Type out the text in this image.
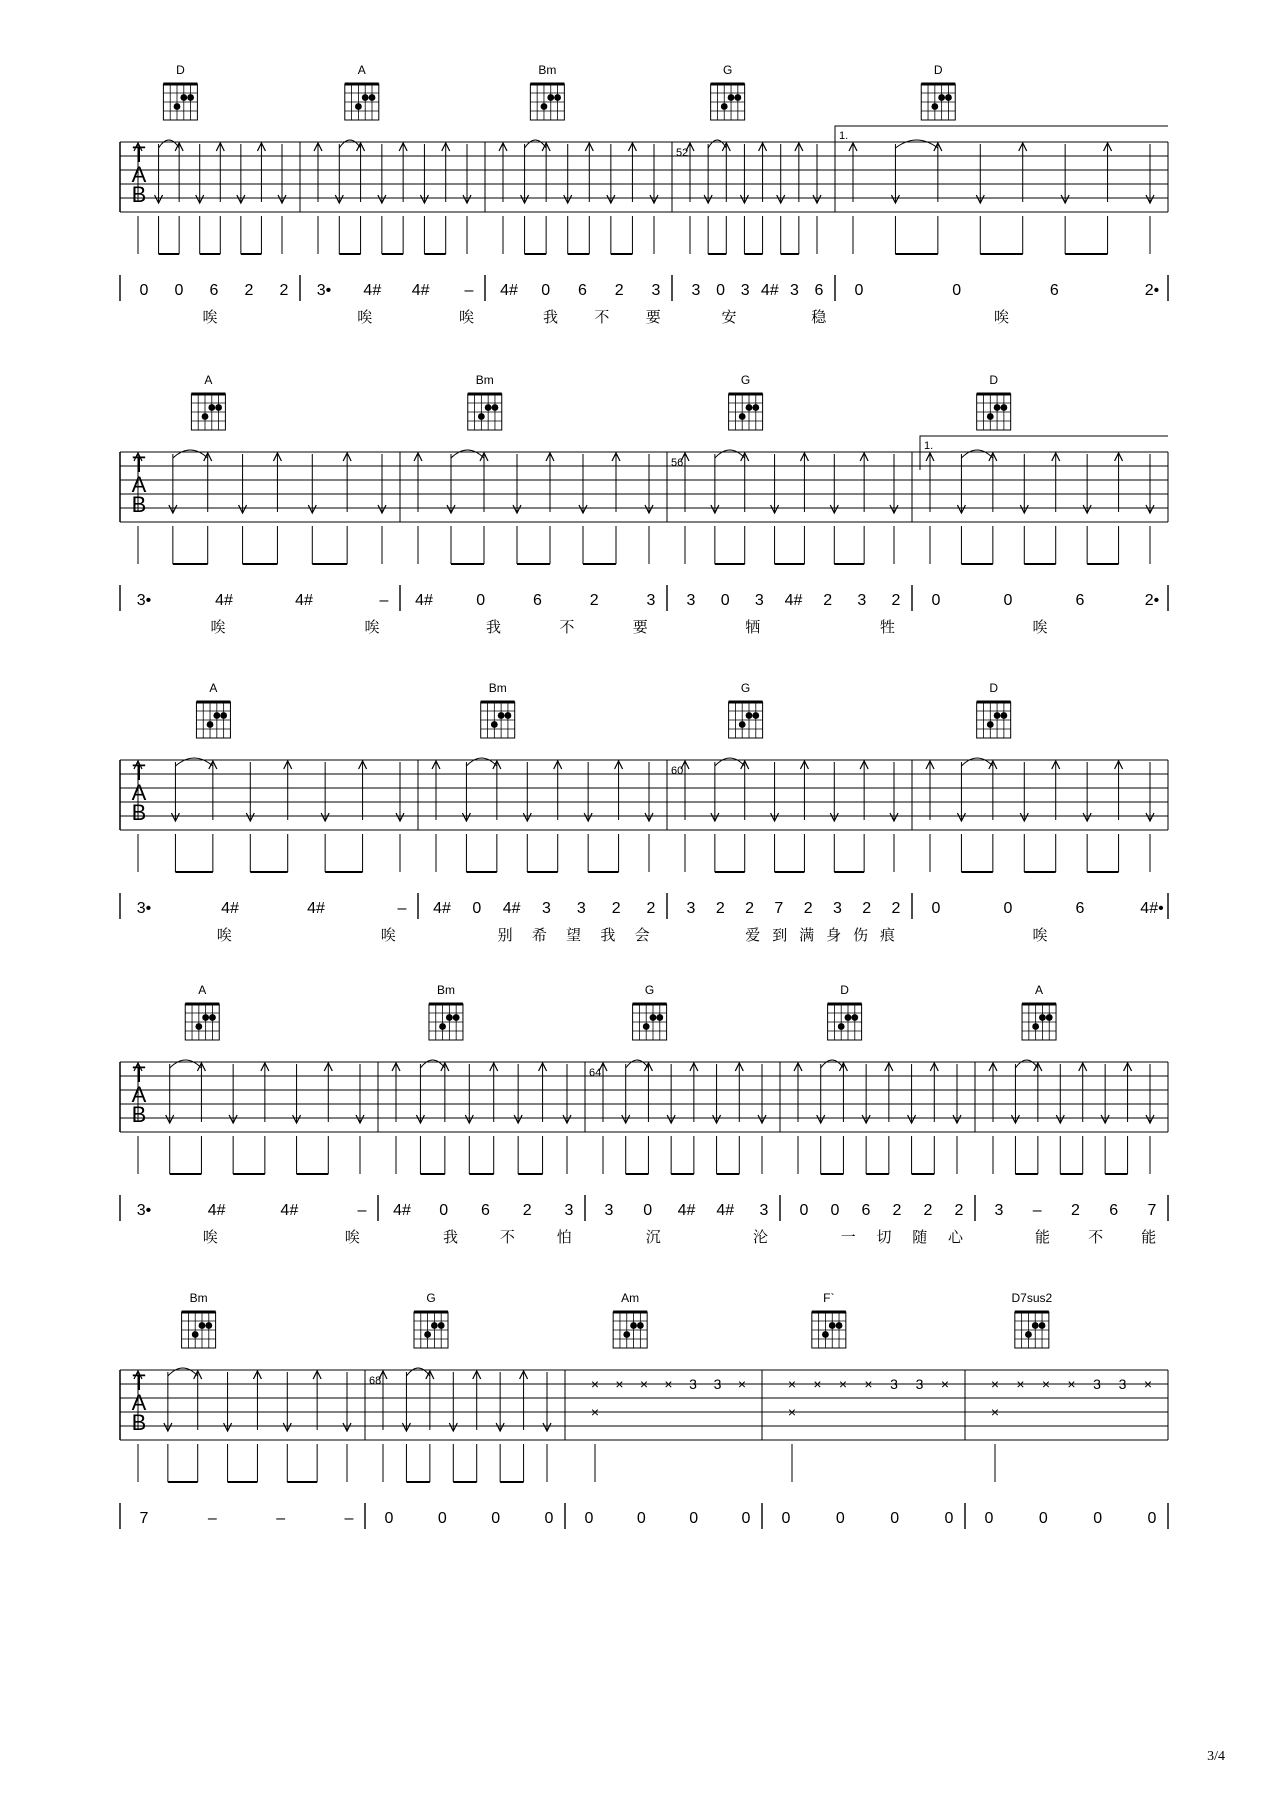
T
A
B
52
1.
D
0 0 6 2 2
唉
A
3• 4# 4# –
唉	唉
Bm
4# 0 6 2 3
我 不 要
G
3 0 3 4# 3 6
安	稳
D
0	0	6	2•
唉
T
A
B
56
1.
A
3•	4#	4#	–
唉	唉
Bm
4#	0	6	2	3
我	不	要
G
3 0 3 4# 2 3 2
牺	牲
D
0	0	6	2•
唉
T
A
B
60
A
3•	4#	4#	–
唉	唉
Bm
4# 0 4# 3 3 2 2
别 希 望 我 会
G
3 2 2 7 2 3 2 2
爱 到 满 身 伤 痕
D
0	0	6	4#•
唉
T
A
B
64
A
3•	4#	4#	–
唉	唉
Bm
4# 0 6 2 3
我	不	怕
G
3 0 4# 4# 3
沉	沦
D
0 0 6 2 2 2
一 切 随 心
A
3 – 2 6 7
能	不	能
T
A
B
68
Bm
7	–	–	–
G
0	0	0	0
Am
× × × × 3 3 ×
×
0	0	0	0
F`
× × × × 3 3 ×
×
0	0	0	0
D7sus2
× × × × 3 3 ×
×
0	0	0	0
3/4
